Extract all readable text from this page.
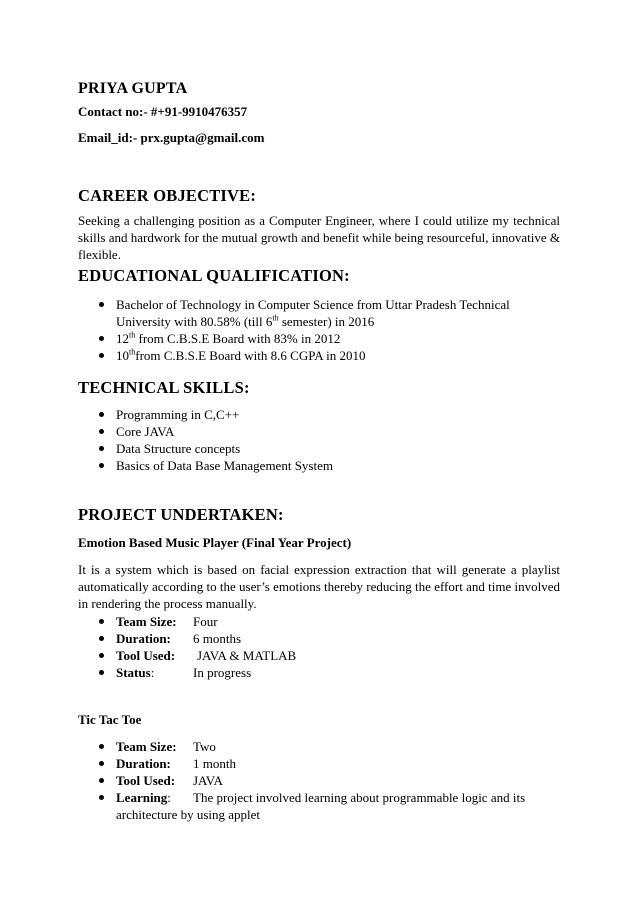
PRIYA GUPTA
Contact no:- #+91-9910476357
Email_id:- prx.gupta@gmail.com
CAREER OBJECTIVE:
Seeking a challenging position as a Computer Engineer, where I could utilize my technical skills and hardwork for the mutual growth and benefit while being resourceful, innovative & flexible.
EDUCATIONAL QUALIFICATION:
Bachelor of Technology in Computer Science from Uttar Pradesh Technical University with 80.58% (till 6th semester) in 2016
12th from C.B.S.E Board with 83% in 2012
10thfrom C.B.S.E Board with 8.6 CGPA in 2010
TECHNICAL SKILLS:
Programming in C,C++
Core JAVA
Data Structure concepts
Basics of Data Base Management System
PROJECT UNDERTAKEN:
Emotion Based Music Player (Final Year Project)
It is a system which is based on facial expression extraction that will generate a playlist automatically according to the user’s emotions thereby reducing the effort and time involved in rendering the process manually.
Team Size: Four
Duration: 6 months
Tool Used: JAVA & MATLAB
Status:	In progress
Tic Tac Toe
Team Size: Two
Duration: 1 month
Tool Used: JAVA
Learning: The project involved learning about programmable logic and its architecture by using applet
